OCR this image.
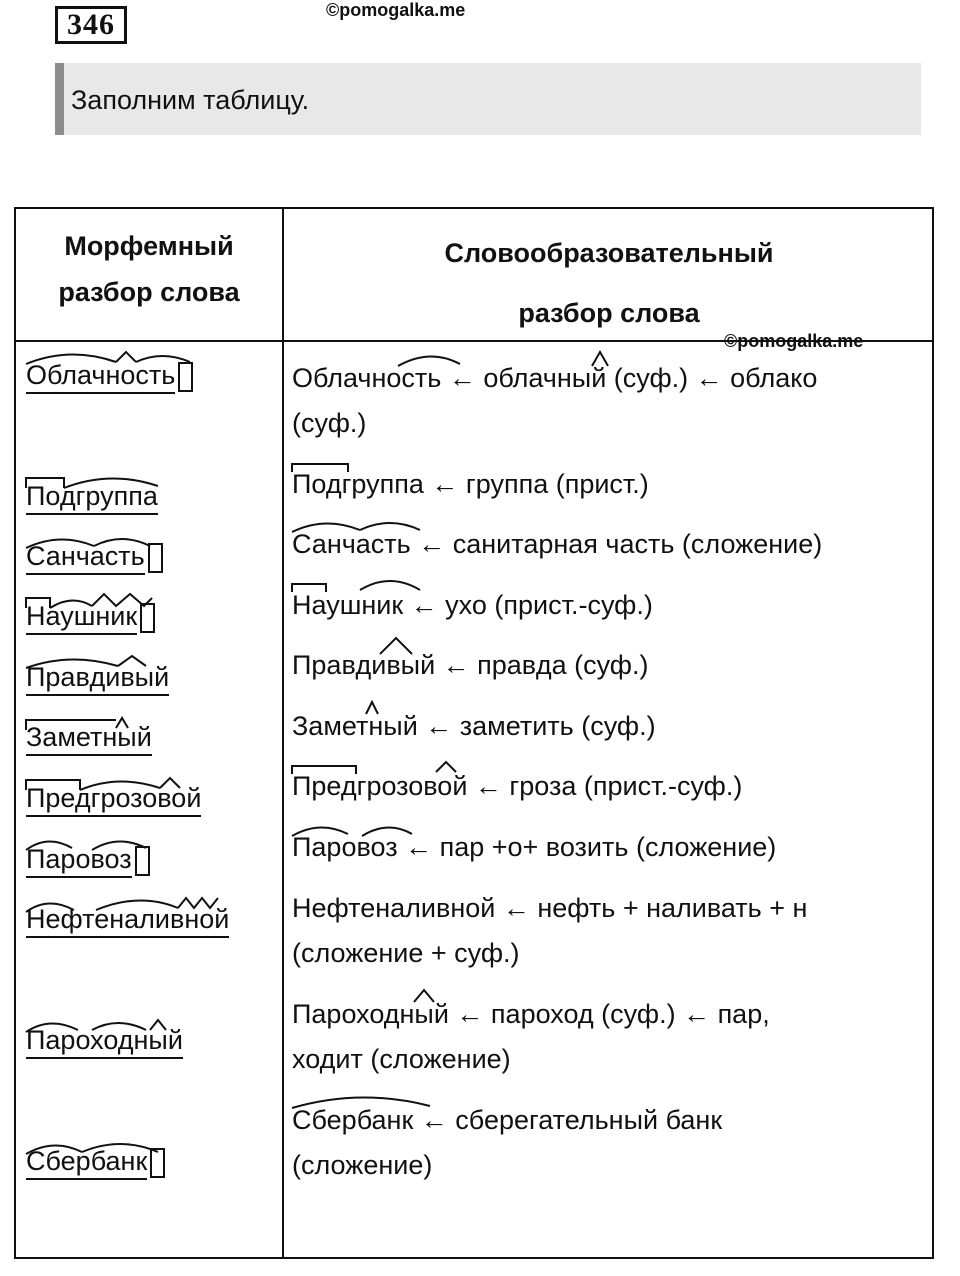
346	©pomogalka.me
Заполним таблицу.
Морфемный
разбор слова
Словообразовательный
разбор слова
©pomogalka.me
Облачность
Подгруппа
Санчасть
Наушник
Правдивый
Заметный
Предгрозовой
Паровоз
Нефтеналивной
Пароходный
Сбербанк
Облачность ← облачный (суф.) ← облако
(суф.)
Подгруппа ← группа (прист.)
Санчасть ← санитарная часть (сложение)
Наушник ← ухо (прист.-суф.)
Правдивый ← правда (суф.)
Заметный ← заметить (суф.)
Предгрозовой ← гроза (прист.-суф.)
Паровоз ← пар +о+ возить (сложение)
Нефтеналивной ← нефть + наливать + н
(сложение + суф.)
Пароходный ← пароход (суф.) ← пар,
ходит (сложение)
Сбербанк ← сберегательный банк
(сложение)
